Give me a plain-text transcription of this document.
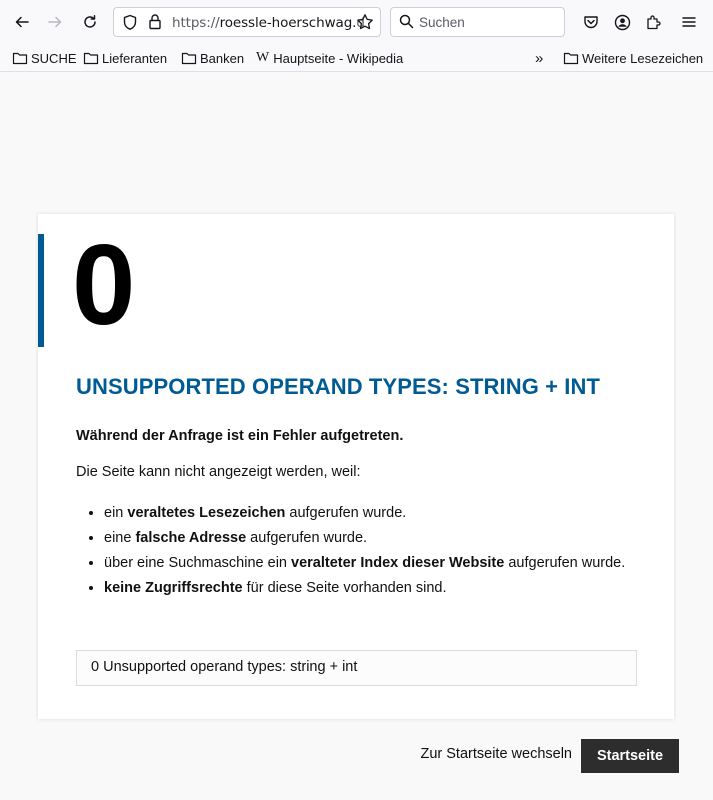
https://roessle-hoerschwag.d	Suchen
SUCHE Lieferanten	Banken W Hauptseite - Wikipedia	»	Weitere Lesezeichen
0
UNSUPPORTED OPERAND TYPES: STRING + INT
Während der Anfrage ist ein Fehler aufgetreten.
Die Seite kann nicht angezeigt werden, weil:
• ein veraltetes Lesezeichen aufgerufen wurde.
• eine falsche Adresse aufgerufen wurde.
• über eine Suchmaschine ein veralteter Index dieser Website aufgerufen wurde.
• keine Zugriffsrechte für diese Seite vorhanden sind.
0 Unsupported operand types: string + int
Zur Startseite wechseln	Startseite
